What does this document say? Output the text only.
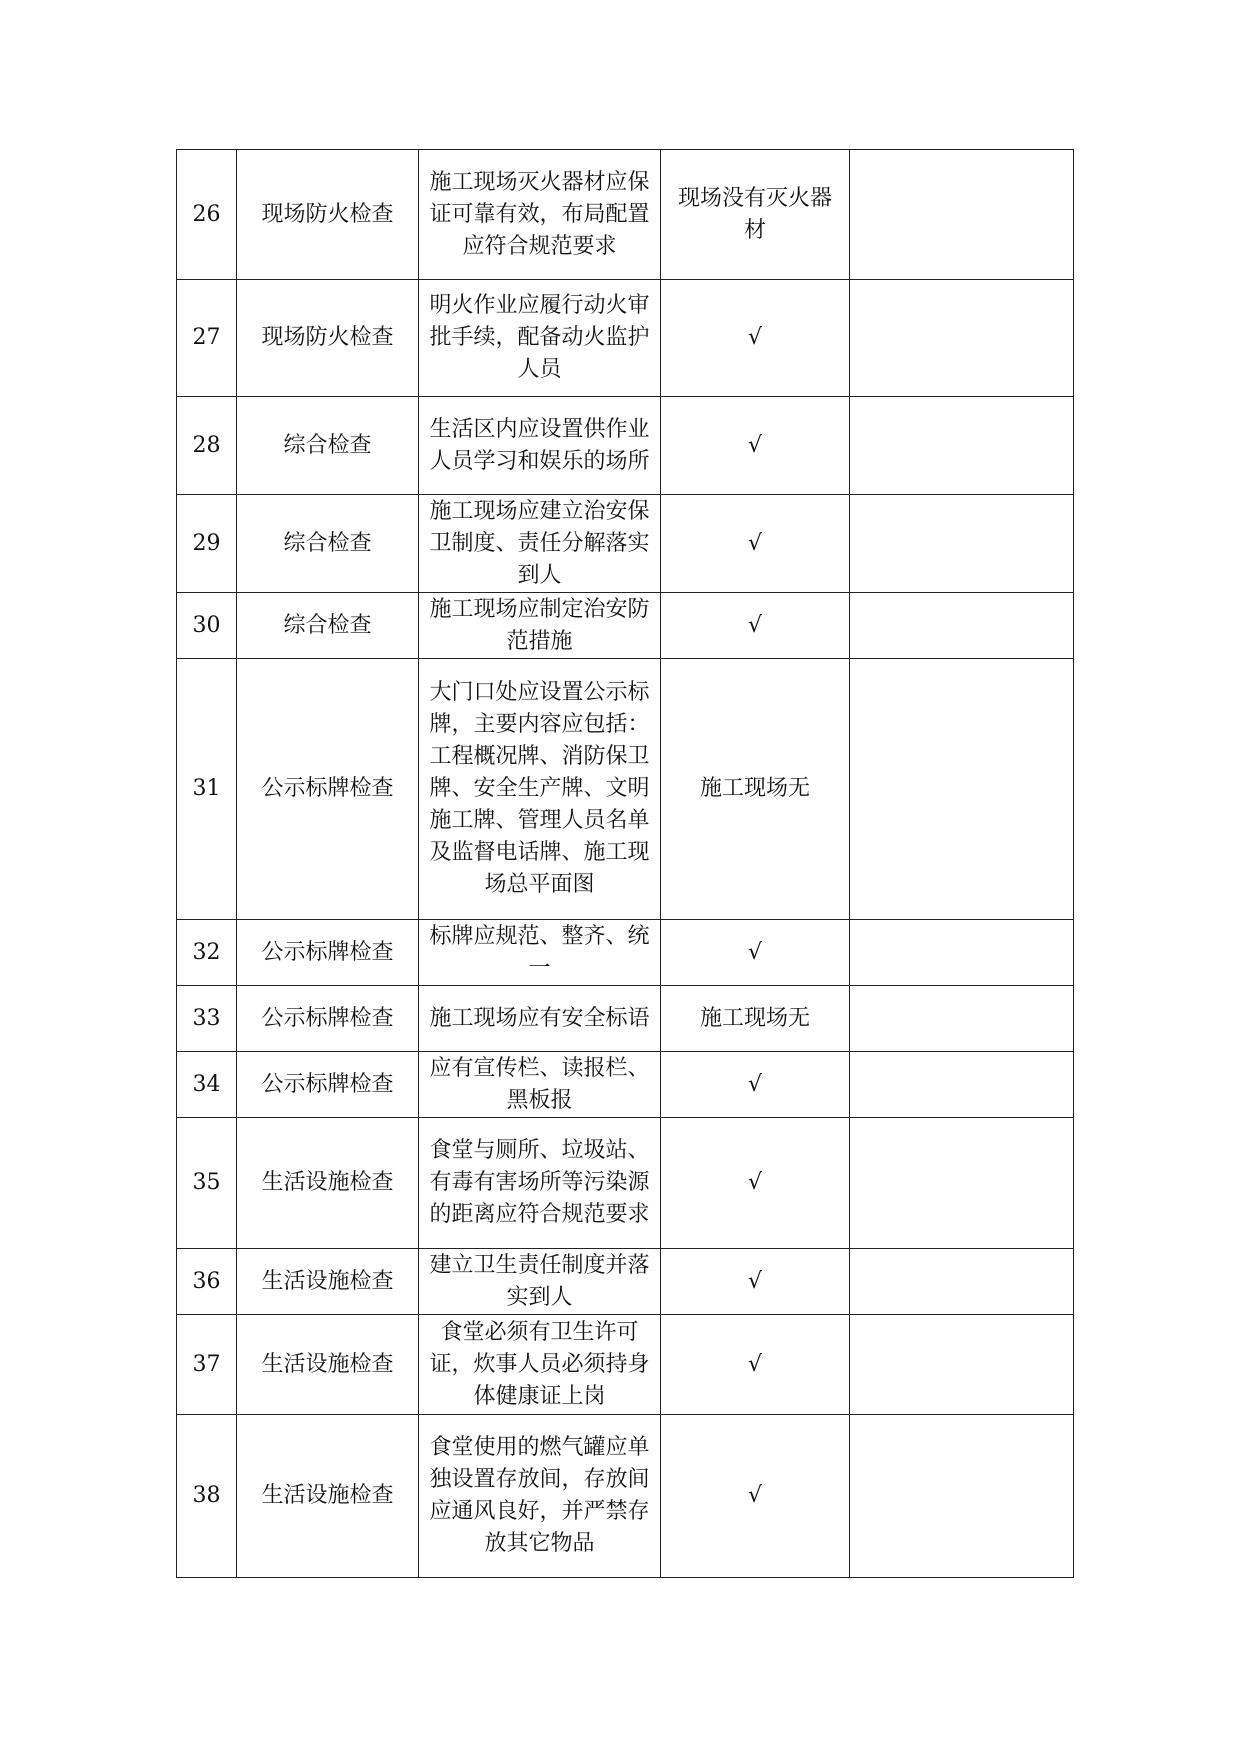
26	现场防火检查	施工现场灭火器材应保证可靠有效，布局配置应符合规范要求	现场没有灭火器材	
27	现场防火检查	明火作业应履行动火审批手续，配备动火监护人员	√	
28	综合检查	生活区内应设置供作业人员学习和娱乐的场所	√	
29	综合检查	施工现场应建立治安保卫制度、责任分解落实到人	√	
30	综合检查	施工现场应制定治安防范措施	√	
31	公示标牌检查	大门口处应设置公示标牌，主要内容应包括：工程概况牌、消防保卫牌、安全生产牌、文明施工牌、管理人员名单及监督电话牌、施工现场总平面图	施工现场无	
32	公示标牌检查	标牌应规范、整齐、统一	√	
33	公示标牌检查	施工现场应有安全标语	施工现场无	
34	公示标牌检查	应有宣传栏、读报栏、黑板报	√	
35	生活设施检查	食堂与厕所、垃圾站、有毒有害场所等污染源的距离应符合规范要求	√	
36	生活设施检查	建立卫生责任制度并落实到人	√	
37	生活设施检查	食堂必须有卫生许可证，炊事人员必须持身体健康证上岗	√	
38	生活设施检查	食堂使用的燃气罐应单独设置存放间，存放间应通风良好，并严禁存放其它物品	√	
